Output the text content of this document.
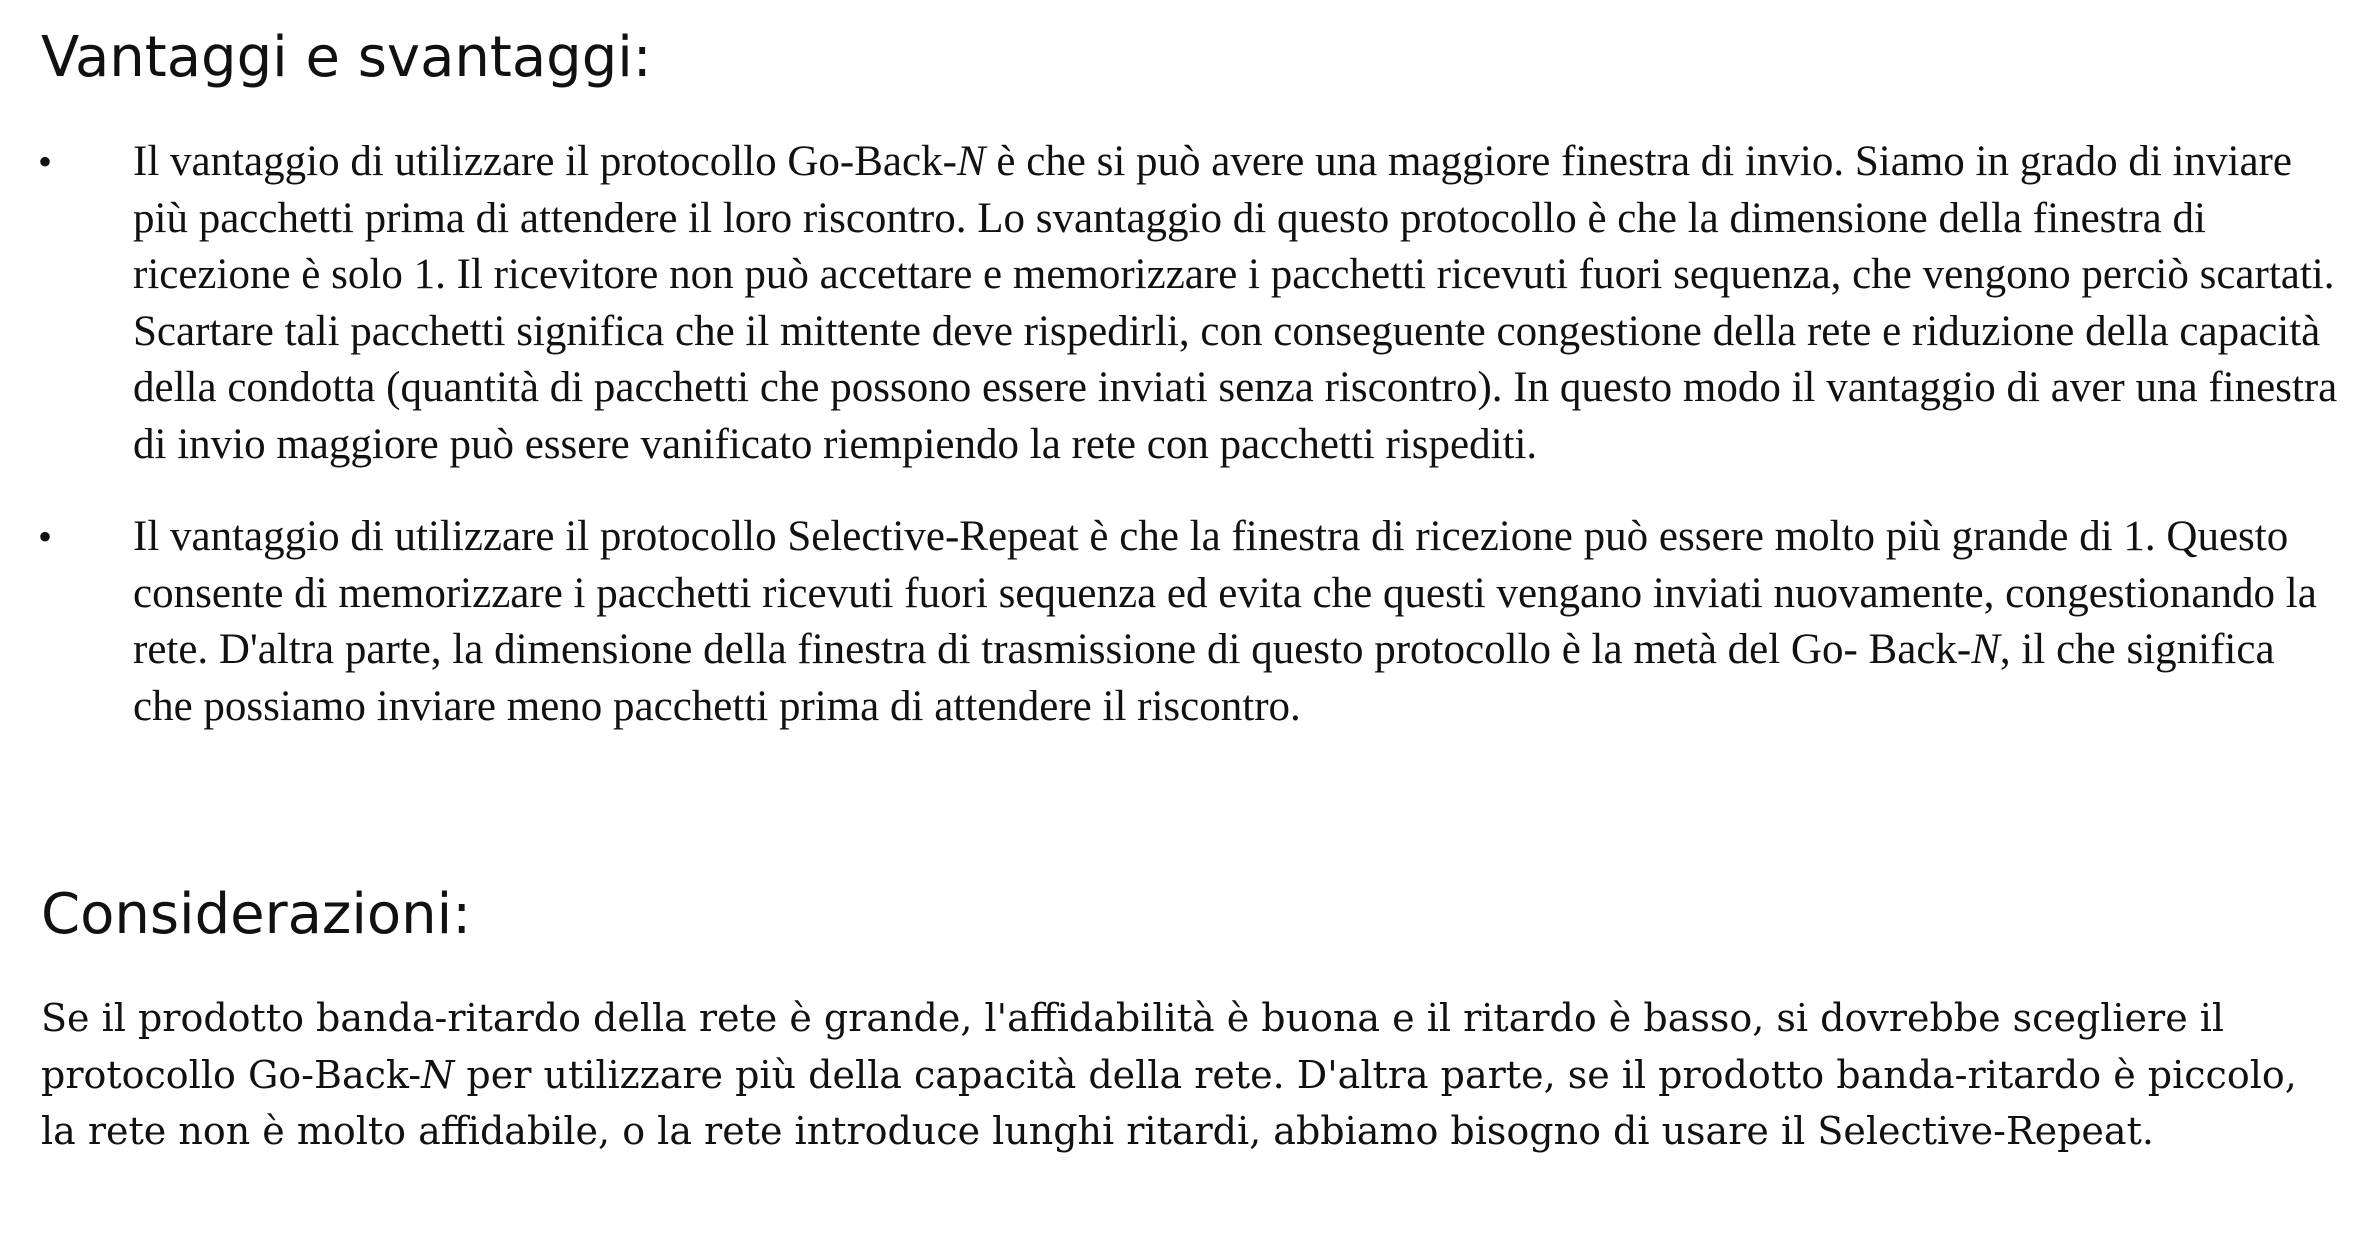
Vantaggi e svantaggi:
• Il vantaggio di utilizzare il protocollo Go-Back-N è che si può avere una maggiore finestra di invio. Siamo in grado di inviare più pacchetti prima di attendere il loro riscontro. Lo svantaggio di questo protocollo è che la dimensione della finestra di ricezione è solo 1. Il ricevitore non può accettare e memorizzare i pacchetti ricevuti fuori sequenza, che vengono perciò scartati. Scartare tali pacchetti significa che il mittente deve rispedirli, con conseguente congestione della rete e riduzione della capacità della condotta (quantità di pacchetti che possono essere inviati senza riscontro). In questo modo il vantaggio di aver una finestra di invio maggiore può essere vanificato riempiendo la rete con pacchetti rispediti.
• Il vantaggio di utilizzare il protocollo Selective-Repeat è che la finestra di ricezione può essere molto più grande di 1. Questo consente di memorizzare i pacchetti ricevuti fuori sequenza ed evita che questi vengano inviati nuovamente, congestionando la rete. D'altra parte, la dimensione della finestra di trasmissione di questo protocollo è la metà del Go- Back-N, il che significa che possiamo inviare meno pacchetti prima di attendere il riscontro.
Considerazioni:

Se il prodotto banda-ritardo della rete è grande, l'affidabilità è buona e il ritardo è basso, si dovrebbe scegliere il protocollo Go-Back-N per utilizzare più della capacità della rete. D'altra parte, se il prodotto banda-ritardo è piccolo, la rete non è molto affidabile, o la rete introduce lunghi ritardi, abbiamo bisogno di usare il Selective-Repeat.
